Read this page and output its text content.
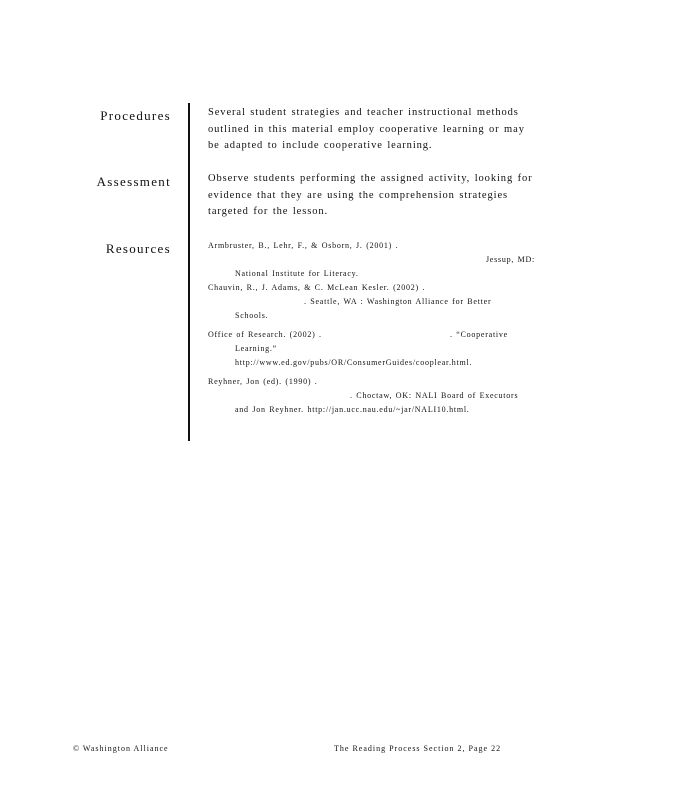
Procedures	Several student strategies and teacher instructional methods
outlined in this material employ cooperative learning or may
be adapted to include cooperative learning.
Assessment	Observe students performing the assigned activity, looking for
evidence that they are using the comprehension strategies
targeted for the lesson.
Resources	Armbruster, B., Lehr, F., & Osborn, J. (2001) .
Jessup, MD:
National Institute for Literacy.
Chauvin, R., J. Adams, & C. McLean Kesler. (2002) .
. Seattle, WA : Washington Alliance for Better
Schools.
Office of Research. (2002) .	. “Cooperative
Learning.”
http://www.ed.gov/pubs/OR/ConsumerGuides/cooplear.html.
Reyhner, Jon (ed). (1990) .
. Choctaw, OK: NALI Board of Executors
and Jon Reyhner. http://jan.ucc.nau.edu/~jar/NALI10.html.
© Washington Alliance	The Reading Process Section 2, Page 22
